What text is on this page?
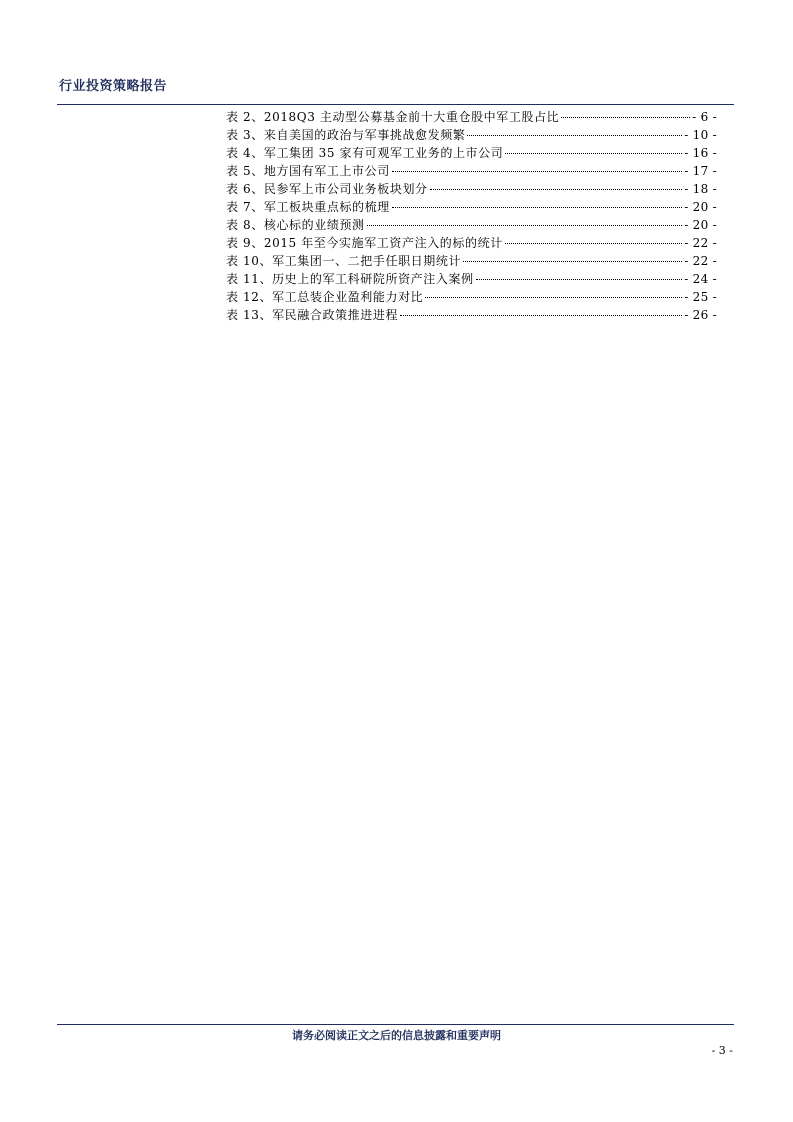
行业投资策略报告
表 2、2018Q3 主动型公募基金前十大重仓股中军工股占比	- 6 -
表 3、来自美国的政治与军事挑战愈发频繁	- 10 -
表 4、军工集团 35 家有可观军工业务的上市公司	- 16 -
表 5、地方国有军工上市公司	- 17 -
表 6、民参军上市公司业务板块划分	- 18 -
表 7、军工板块重点标的梳理	- 20 -
表 8、核心标的业绩预测	- 20 -
表 9、2015 年至今实施军工资产注入的标的统计	- 22 -
表 10、军工集团一、二把手任职日期统计	- 22 -
表 11、历史上的军工科研院所资产注入案例	- 24 -
表 12、军工总装企业盈利能力对比	- 25 -
表 13、军民融合政策推进进程	- 26 -
请务必阅读正文之后的信息披露和重要声明
- 3 -
